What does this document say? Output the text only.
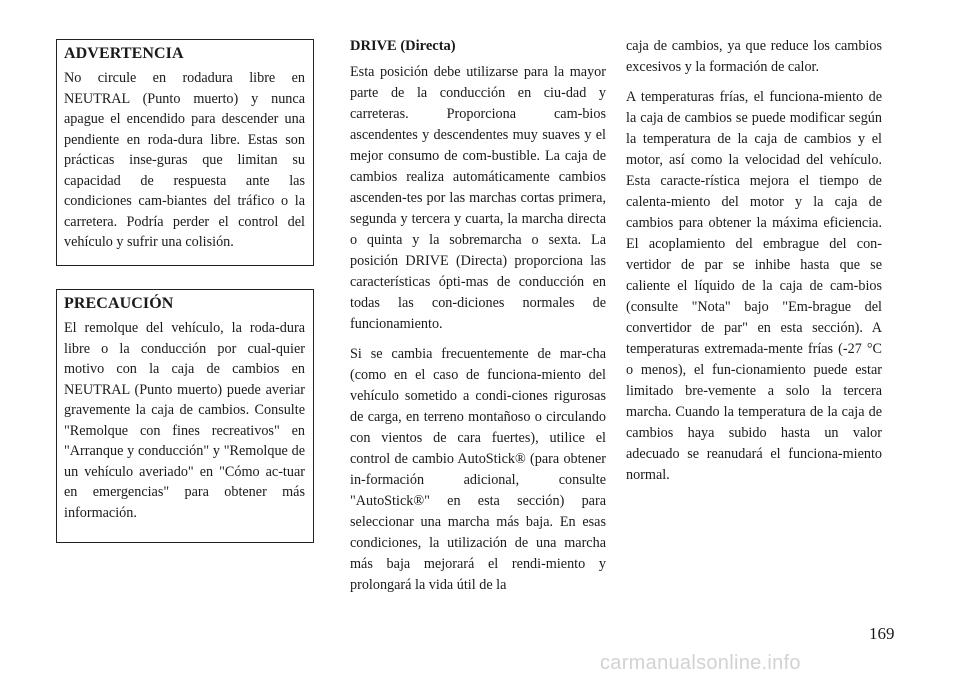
ADVERTENCIA

No circule en rodadura libre en NEUTRAL (Punto muerto) y nunca apague el encendido para descender una pendiente en roda-dura libre. Estas son prácticas inse-guras que limitan su capacidad de respuesta ante las condiciones cam-biantes del tráfico o la carretera. Podría perder el control del vehículo y sufrir una colisión.

PRECAUCIÓN

El remolque del vehículo, la roda-dura libre o la conducción por cual-quier motivo con la caja de cambios en NEUTRAL (Punto muerto) puede averiar gravemente la caja de cambios. Consulte "Remolque con fines recreativos" en "Arranque y conducción" y "Remolque de un vehículo averiado" en "Cómo ac-tuar en emergencias" para obtener más información.

DRIVE (Directa)

Esta posición debe utilizarse para la mayor parte de la conducción en ciu-dad y carreteras. Proporciona cam-bios ascendentes y descendentes muy suaves y el mejor consumo de com-bustible. La caja de cambios realiza automáticamente cambios ascenden-tes por las marchas cortas primera, segunda y tercera y cuarta, la marcha directa o quinta y la sobremarcha o sexta. La posición DRIVE (Directa) proporciona las características ópti-mas de conducción en todas las con-diciones normales de funcionamiento.

Si se cambia frecuentemente de mar-cha (como en el caso de funciona-miento del vehículo sometido a condi-ciones rigurosas de carga, en terreno montañoso o circulando con vientos de cara fuertes), utilice el control de cambio AutoStick® (para obtener in-formación adicional, consulte "AutoStick®" en esta sección) para seleccionar una marcha más baja. En esas condiciones, la utilización de una marcha más baja mejorará el rendi-miento y prolongará la vida útil de la

caja de cambios, ya que reduce los cambios excesivos y la formación de calor.

A temperaturas frías, el funciona-miento de la caja de cambios se puede modificar según la temperatura de la caja de cambios y el motor, así como la velocidad del vehículo. Esta caracte-rística mejora el tiempo de calenta-miento del motor y la caja de cambios para obtener la máxima eficiencia. El acoplamiento del embrague del con-vertidor de par se inhibe hasta que se caliente el líquido de la caja de cam-bios (consulte "Nota" bajo "Em-brague del convertidor de par" en esta sección). A temperaturas extremada-mente frías (-27 °C o menos), el fun-cionamiento puede estar limitado bre-vemente a solo la tercera marcha. Cuando la temperatura de la caja de cambios haya subido hasta un valor adecuado se reanudará el funciona-miento normal.

169
carmanualsonline.info
